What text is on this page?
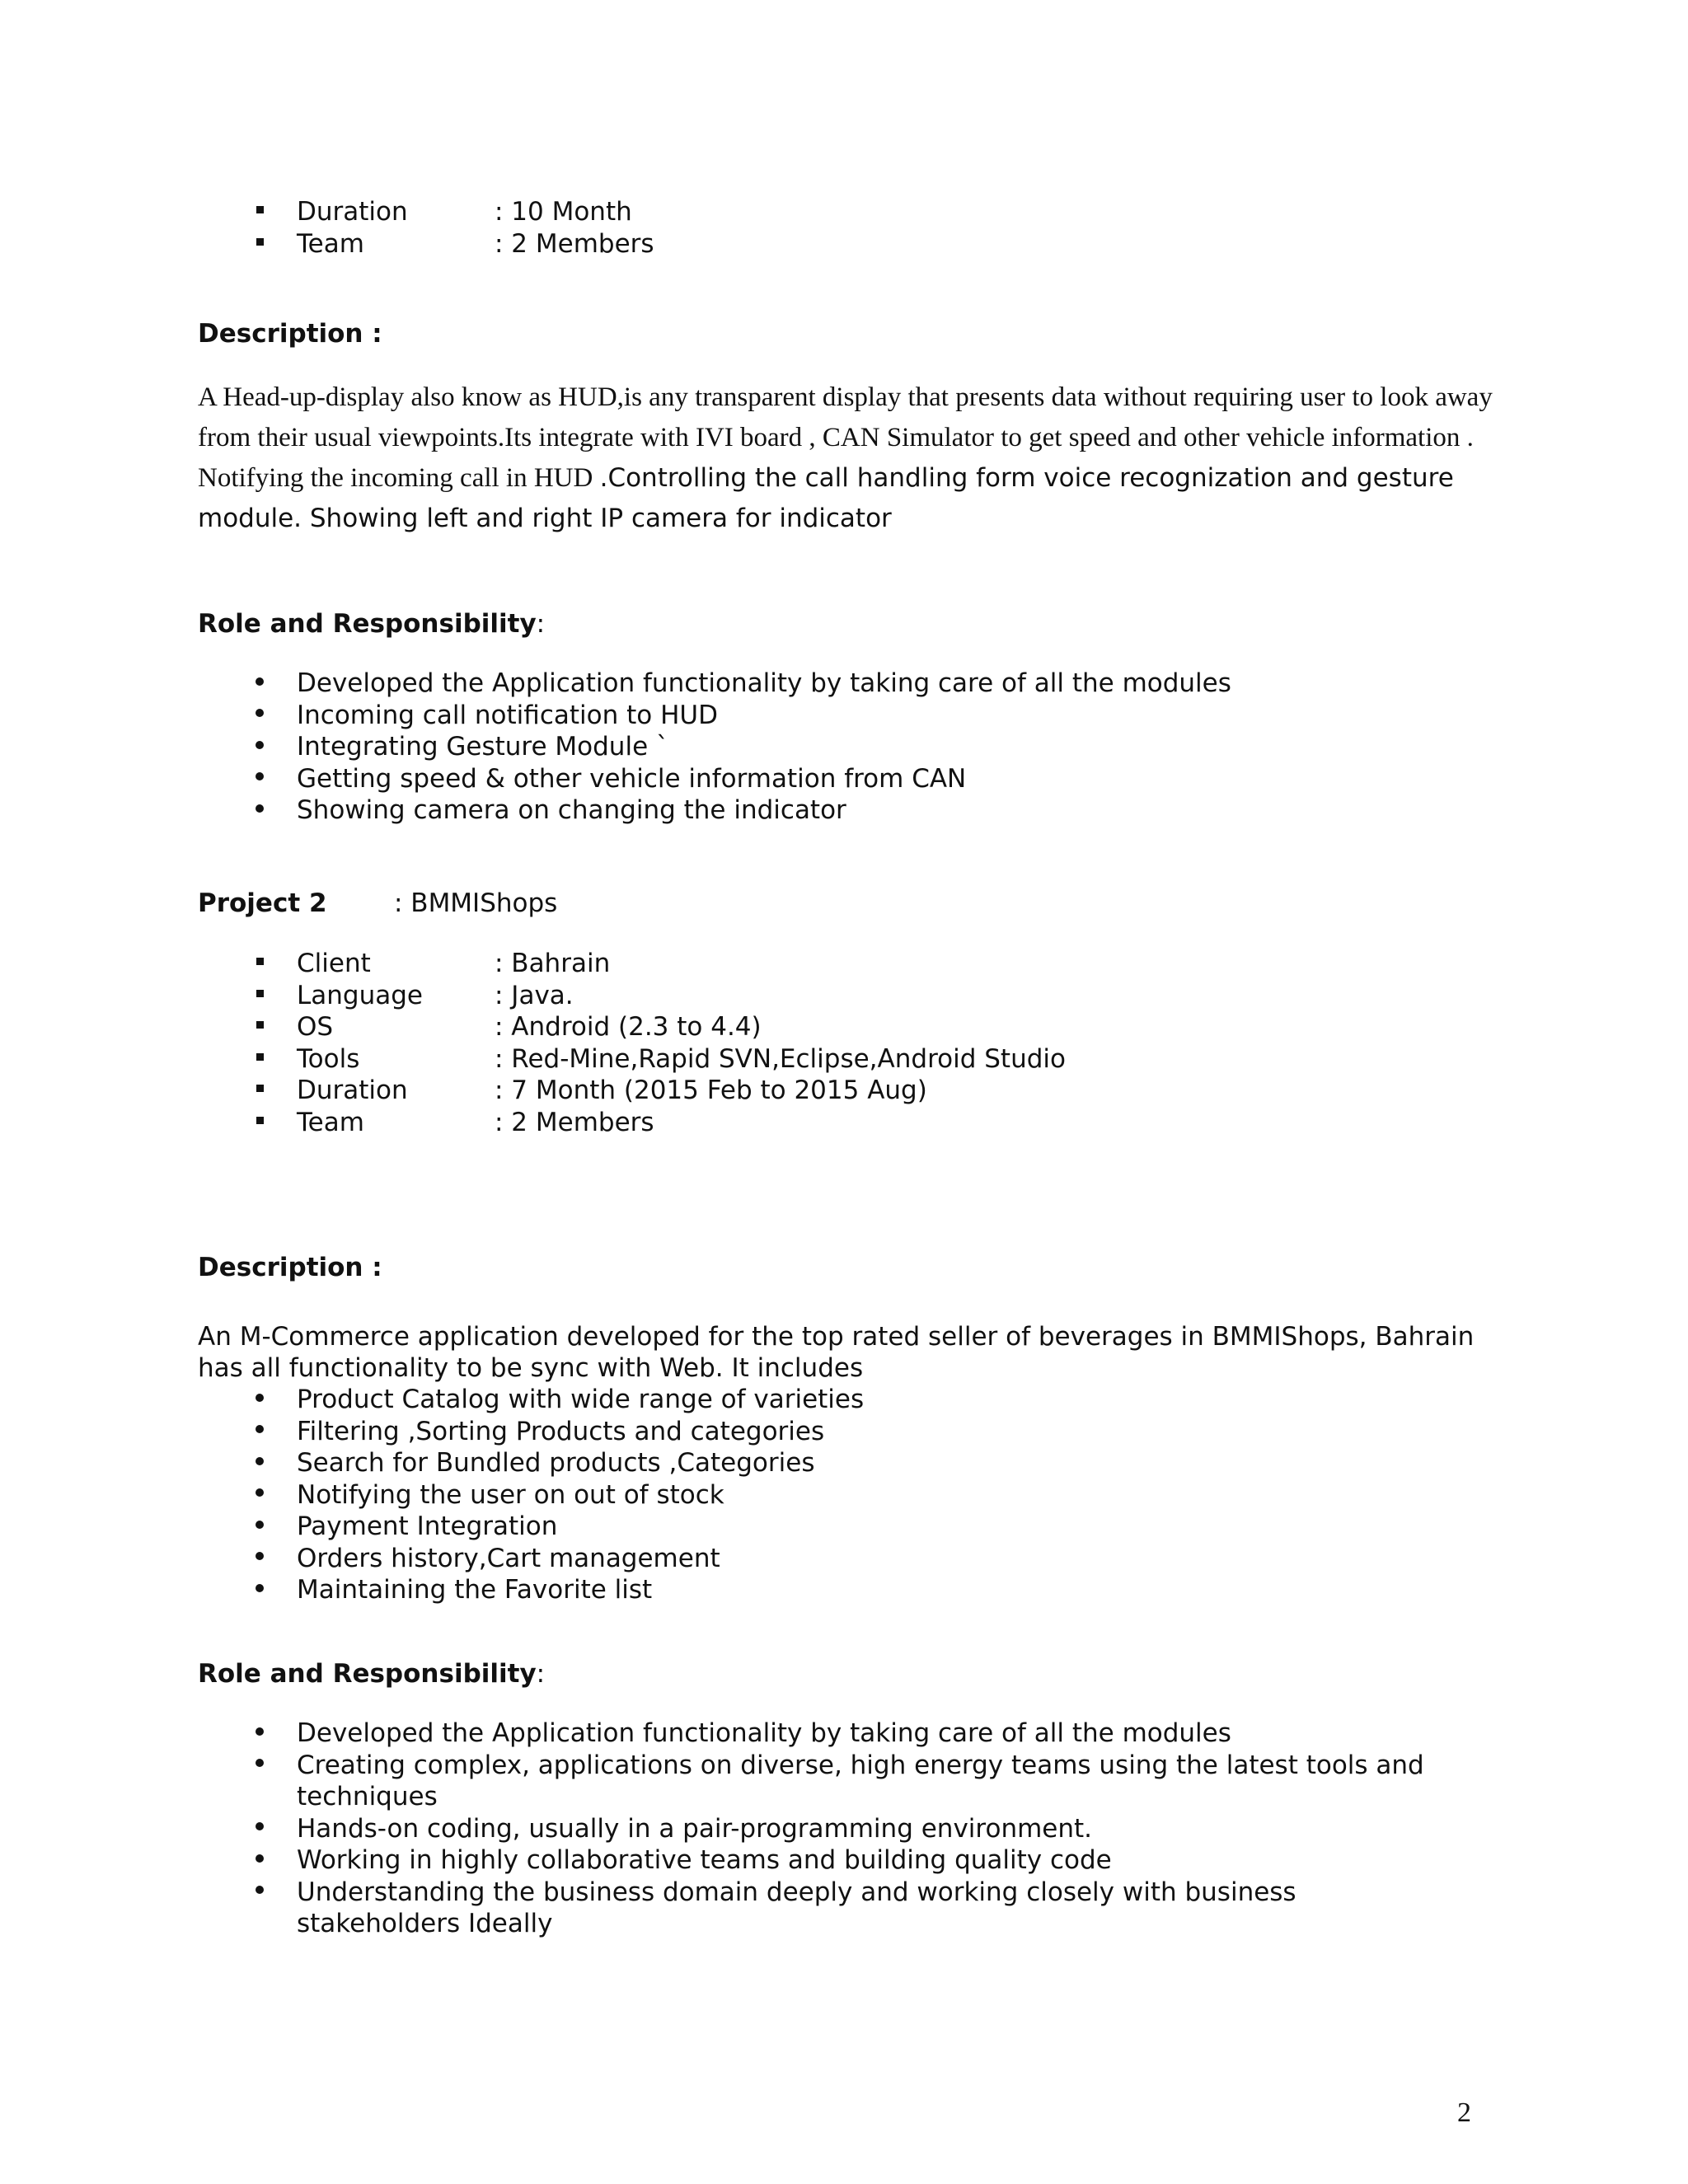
Duration	: 10 Month
Team	: 2 Members
Description :
A Head-up-display also know as HUD,is any transparent display that presents data without requiring user to look away from their usual viewpoints.Its integrate with IVI board , CAN Simulator to get speed and other vehicle information . Notifying the incoming call in HUD .Controlling the call handling form voice recognization and gesture module. Showing left and right IP camera for indicator
Role and Responsibility:
Developed the Application functionality by taking care of all the modules
Incoming call notification to HUD
Integrating Gesture Module `
Getting speed & other vehicle information from CAN
Showing camera on changing the indicator
Project 2	: BMMIShops
Client	: Bahrain
Language	: Java.
OS	: Android (2.3 to 4.4)
Tools	: Red-Mine,Rapid SVN,Eclipse,Android Studio
Duration	: 7 Month (2015 Feb to 2015 Aug)
Team	: 2 Members
Description :
An M-Commerce application developed for the top rated seller of beverages in BMMIShops, Bahrain
has all functionality to be sync with Web. It includes
Product Catalog with wide range of varieties
Filtering ,Sorting Products and categories
Search for Bundled products ,Categories
Notifying the user on out of stock
Payment Integration
Orders history,Cart management
Maintaining the Favorite list
Role and Responsibility:
Developed the Application functionality by taking care of all the modules
Creating complex, applications on diverse, high energy teams using the latest tools and techniques
Hands-on coding, usually in a pair-programming environment.
Working in highly collaborative teams and building quality code
Understanding the business domain deeply and working closely with business stakeholders Ideally
2
